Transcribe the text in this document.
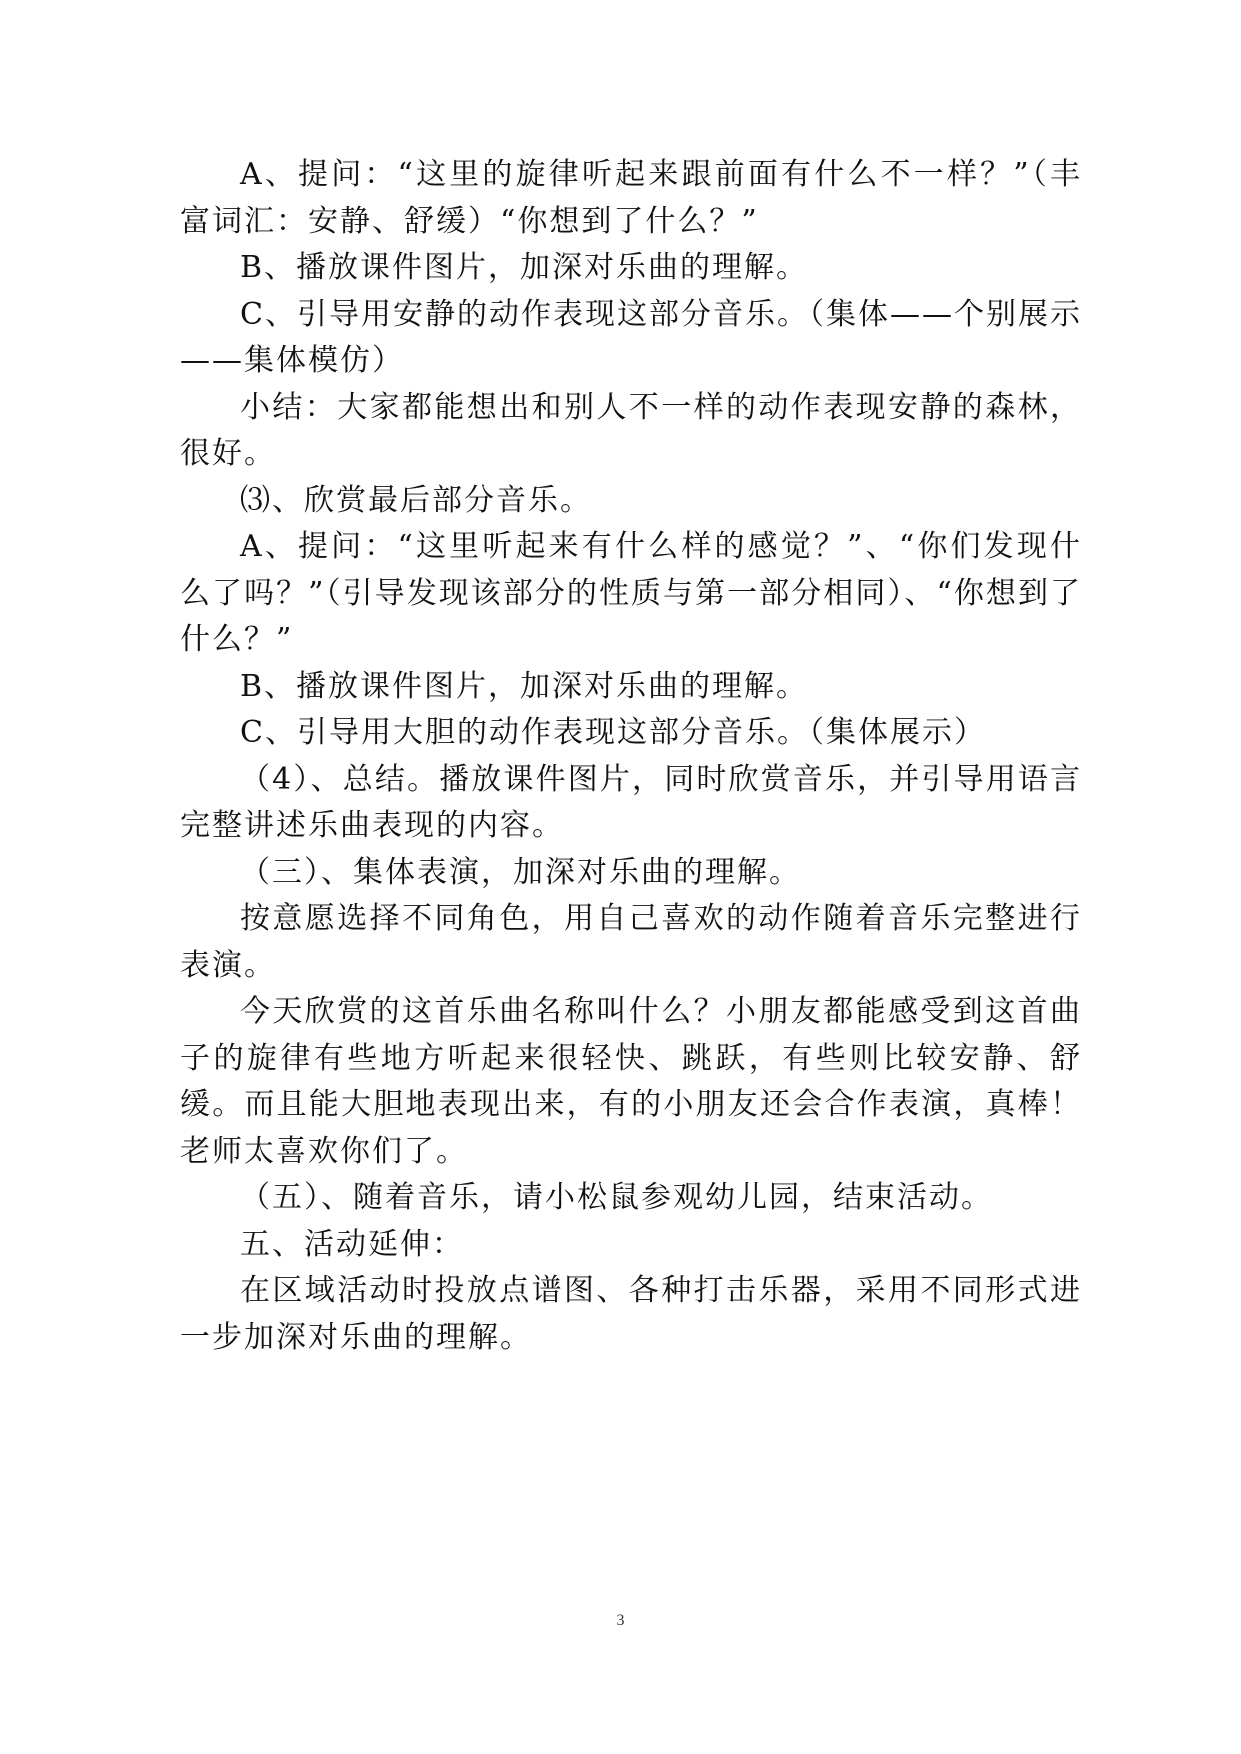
A、提问：“这里的旋律听起来跟前面有什么不一样？”（丰富词汇：安静、舒缓）“你想到了什么？”

B、播放课件图片，加深对乐曲的理解。

C、引导用安静的动作表现这部分音乐。（集体——个别展示——集体模仿）

小结：大家都能想出和别人不一样的动作表现安静的森林，很好。

⑶、欣赏最后部分音乐。

A、提问：“这里听起来有什么样的感觉？”、“你们发现什么了吗？”（引导发现该部分的性质与第一部分相同）、“你想到了什么？”

B、播放课件图片，加深对乐曲的理解。

C、引导用大胆的动作表现这部分音乐。（集体展示）

（4）、总结。播放课件图片，同时欣赏音乐，并引导用语言完整讲述乐曲表现的内容。

（三）、集体表演，加深对乐曲的理解。

按意愿选择不同角色，用自己喜欢的动作随着音乐完整进行表演。

今天欣赏的这首乐曲名称叫什么？小朋友都能感受到这首曲子的旋律有些地方听起来很轻快、跳跃，有些则比较安静、舒缓。而且能大胆地表现出来，有的小朋友还会合作表演，真棒！老师太喜欢你们了。

（五）、随着音乐，请小松鼠参观幼儿园，结束活动。

五、活动延伸：

在区域活动时投放点谱图、各种打击乐器，采用不同形式进一步加深对乐曲的理解。

3
